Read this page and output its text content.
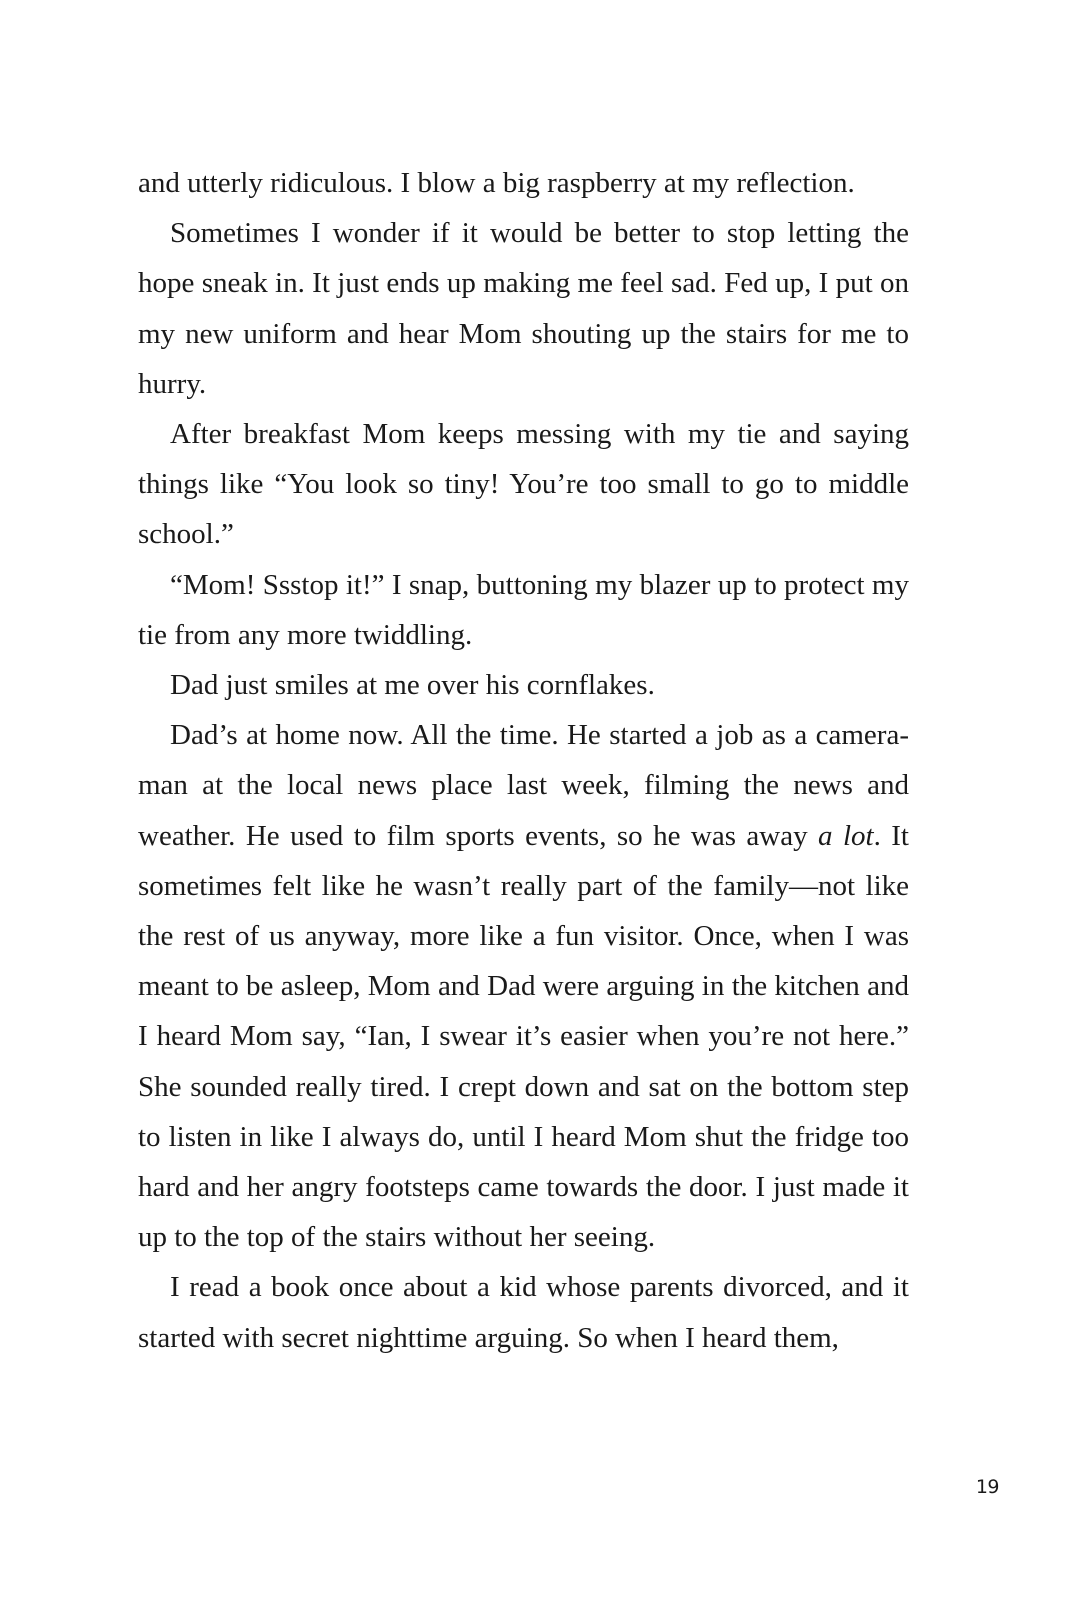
and utterly ridiculous. I blow a big raspberry at my reflection.

Sometimes I wonder if it would be better to stop letting the hope sneak in. It just ends up making me feel sad. Fed up, I put on my new uniform and hear Mom shouting up the stairs for me to hurry.

After breakfast Mom keeps messing with my tie and saying things like “You look so tiny! You’re too small to go to middle school.”

“Mom! Ssstop it!” I snap, buttoning my blazer up to protect my tie from any more twiddling.

Dad just smiles at me over his cornflakes.

Dad’s at home now. All the time. He started a job as a cameraman at the local news place last week, filming the news and weather. He used to film sports events, so he was away a lot. It sometimes felt like he wasn’t really part of the family—not like the rest of us anyway, more like a fun visitor. Once, when I was meant to be asleep, Mom and Dad were arguing in the kitchen and I heard Mom say, “Ian, I swear it’s easier when you’re not here.” She sounded really tired. I crept down and sat on the bottom step to listen in like I always do, until I heard Mom shut the fridge too hard and her angry footsteps came towards the door. I just made it up to the top of the stairs without her seeing.

I read a book once about a kid whose parents divorced, and it started with secret nighttime arguing. So when I heard them,

19
